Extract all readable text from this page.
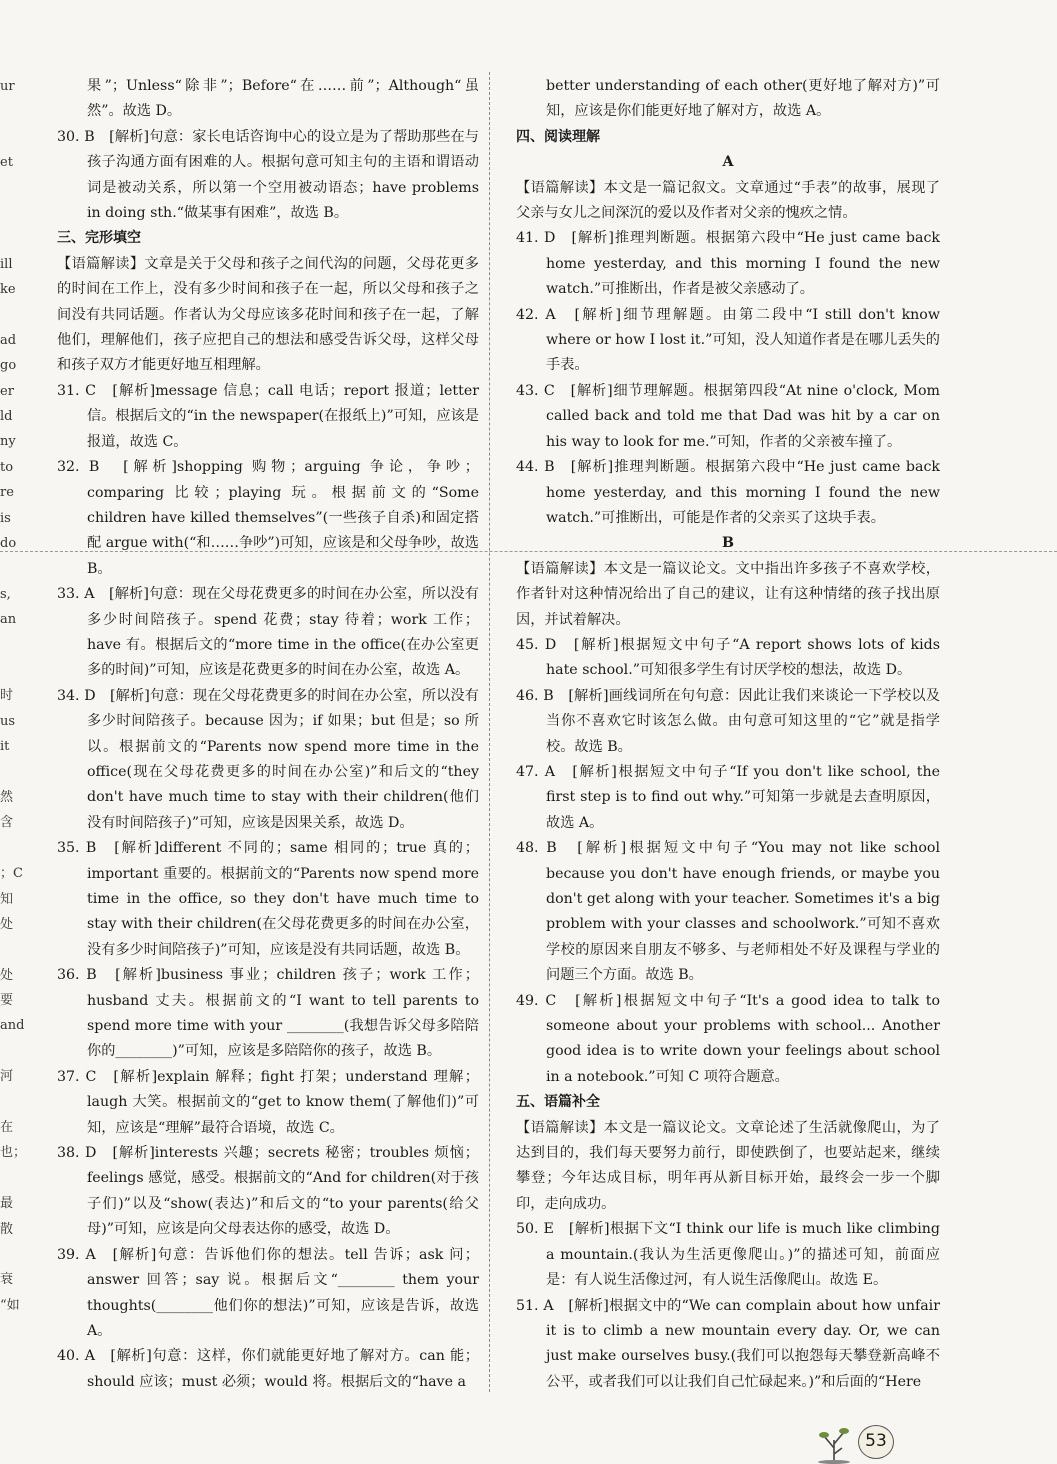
ur
et
ill
ke
ad
go
er
ld
ny
to
re
is
do
s,
an
时
us
it
然
含
；C
知
处
处
要
and
河
在
也；
最
散
衰
“如

果”；Unless“除非”；Before“在……前”；Although“虽然”。故选 D。

30. B　[解析]句意：家长电话咨询中心的设立是为了帮助那些在与孩子沟通方面有困难的人。根据句意可知主句的主语和谓语动词是被动关系，所以第一个空用被动语态；have problems in doing sth.“做某事有困难”，故选 B。

三、完形填空

【语篇解读】文章是关于父母和孩子之间代沟的问题，父母花更多的时间在工作上，没有多少时间和孩子在一起，所以父母和孩子之间没有共同话题。作者认为父母应该多花时间和孩子在一起，了解他们，理解他们，孩子应把自己的想法和感受告诉父母，这样父母和孩子双方才能更好地互相理解。

31. C　[解析]message 信息；call 电话；report 报道；letter 信。根据后文的“in the newspaper(在报纸上)”可知，应该是报道，故选 C。

32. B　[解析]shopping 购物；arguing 争论，争吵；comparing 比较；playing 玩。根据前文的“Some children have killed themselves”(一些孩子自杀)和固定搭配 argue with(“和……争吵”)可知，应该是和父母争吵，故选 B。

33. A　[解析]句意：现在父母花费更多的时间在办公室，所以没有多少时间陪孩子。spend 花费；stay 待着；work 工作；have 有。根据后文的“more time in the office(在办公室更多的时间)”可知，应该是花费更多的时间在办公室，故选 A。

34. D　[解析]句意：现在父母花费更多的时间在办公室，所以没有多少时间陪孩子。because 因为；if 如果；but 但是；so 所以。根据前文的“Parents now spend more time in the office(现在父母花费更多的时间在办公室)”和后文的“they don't have much time to stay with their children(他们没有时间陪孩子)”可知，应该是因果关系，故选 D。

35. B　[解析]different 不同的；same 相同的；true 真的；important 重要的。根据前文的“Parents now spend more time in the office, so they don't have much time to stay with their children(在父母花费更多的时间在办公室，没有多少时间陪孩子)”可知，应该是没有共同话题，故选 B。

36. B　[解析]business 事业；children 孩子；work 工作；husband 丈夫。根据前文的“I want to tell parents to spend more time with your ________(我想告诉父母多陪陪你的________)”可知，应该是多陪陪你的孩子，故选 B。

37. C　[解析]explain 解释；fight 打架；understand 理解；laugh 大笑。根据前文的“get to know them(了解他们)”可知，应该是“理解”最符合语境，故选 C。

38. D　[解析]interests 兴趣；secrets 秘密；troubles 烦恼；feelings 感觉，感受。根据前文的“And for children(对于孩子们)”以及“show(表达)”和后文的“to your parents(给父母)”可知，应该是向父母表达你的感受，故选 D。

39. A　[解析]句意：告诉他们你的想法。tell 告诉；ask 问；answer 回答；say 说。根据后文“________ them your thoughts(________他们你的想法)”可知，应该是告诉，故选 A。

40. A　[解析]句意：这样，你们就能更好地了解对方。can 能；should 应该；must 必须；would 将。根据后文的“have a

better understanding of each other(更好地了解对方)”可知，应该是你们能更好地了解对方，故选 A。

四、阅读理解

A

【语篇解读】本文是一篇记叙文。文章通过“手表”的故事，展现了父亲与女儿之间深沉的爱以及作者对父亲的愧疚之情。

41. D　[解析]推理判断题。根据第六段中“He just came back home yesterday, and this morning I found the new watch.”可推断出，作者是被父亲感动了。

42. A　[解析]细节理解题。由第二段中“I still don't know where or how I lost it.”可知，没人知道作者是在哪儿丢失的手表。

43. C　[解析]细节理解题。根据第四段“At nine o'clock, Mom called back and told me that Dad was hit by a car on his way to look for me.”可知，作者的父亲被车撞了。

44. B　[解析]推理判断题。根据第六段中“He just came back home yesterday, and this morning I found the new watch.”可推断出，可能是作者的父亲买了这块手表。

B

【语篇解读】本文是一篇议论文。文中指出许多孩子不喜欢学校，作者针对这种情况给出了自己的建议，让有这种情绪的孩子找出原因，并试着解决。

45. D　[解析]根据短文中句子“A report shows lots of kids hate school.”可知很多学生有讨厌学校的想法，故选 D。

46. B　[解析]画线词所在句句意：因此让我们来谈论一下学校以及当你不喜欢它时该怎么做。由句意可知这里的“它”就是指学校。故选 B。

47. A　[解析]根据短文中句子“If you don't like school, the first step is to find out why.”可知第一步就是去查明原因，故选 A。

48. B　[解析]根据短文中句子“You may not like school because you don't have enough friends, or maybe you don't get along with your teacher. Sometimes it's a big problem with your classes and schoolwork.”可知不喜欢学校的原因来自朋友不够多、与老师相处不好及课程与学业的问题三个方面。故选 B。

49. C　[解析]根据短文中句子“It's a good idea to talk to someone about your problems with school... Another good idea is to write down your feelings about school in a notebook.”可知 C 项符合题意。

五、语篇补全

【语篇解读】本文是一篇议论文。文章论述了生活就像爬山，为了达到目的，我们每天要努力前行，即使跌倒了，也要站起来，继续攀登；今年达成目标，明年再从新目标开始，最终会一步一个脚印，走向成功。

50. E　[解析]根据下文“I think our life is much like climbing a mountain.(我认为生活更像爬山。)”的描述可知，前面应是：有人说生活像过河，有人说生活像爬山。故选 E。

51. A　[解析]根据文中的“We can complain about how unfair it is to climb a new mountain every day. Or, we can just make ourselves busy.(我们可以抱怨每天攀登新高峰不公平，或者我们可以让我们自己忙碌起来。)”和后面的“Here

53
